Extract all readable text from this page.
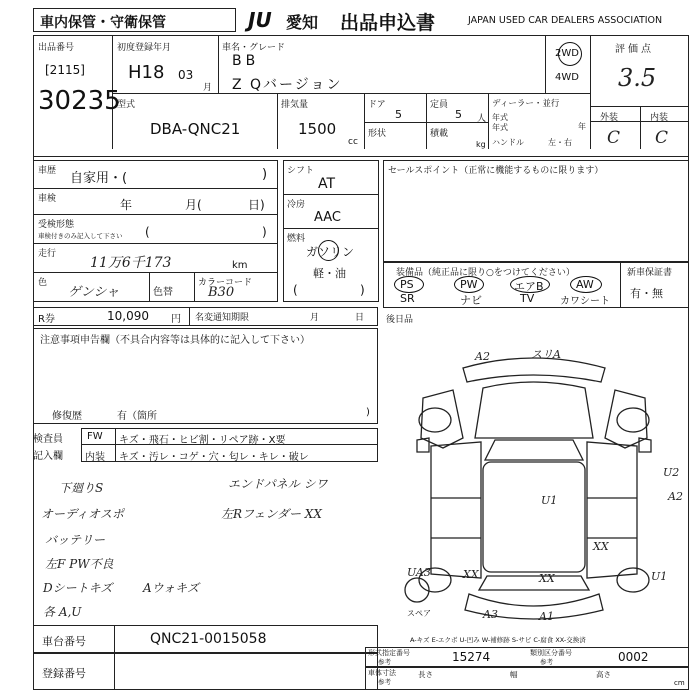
車内保管・守衛保管	JU 愛知 出品申込書	JAPAN USED CAR DEALERS ASSOCIATION
出品番号
[2115]
30235
初度登録年月
H18 03
月
車名・グレード
BB
Z Qバージョン
2WD
4WD
評価点
3.5
型式
DBA-QNC21
排気量
1500
cc
ドア
5
定員
5 人
形状	積載
kg
ディーラー・並行
年式
年式	年
ハンドル	左・右
外装	内装
C C
車歴 自家用・(	)
車検	年	月(	日)
受検形態
車検付きのみ記入して下さい (	)
走行
11万6千173	km
色
ゲンシャ	色替
カラーコード
B30
シフト
AT
冷房
AAC
燃料
ガソリン
軽・油
(	)
セールスポイント（正常に機能するものに限ります）
装備品（純正品に限り○をつけてください）
PS	PW	エアB	AW
SR	ナビ	TV	カワシート
新車保証書
有・無
R券	10,090 円 名変通知期限	月	日 後日品
注意事項申告欄（不具合内容等は具体的に記入して下さい）
修復歴	有（箇所	)
検査員
記入欄
FW キズ・飛石・ヒビ割・リペア跡・X要
内装 キズ・汚レ・コゲ・穴・匂レ・キレ・破レ
下廻りS	エンドパネル シワ
オーディオスポ	左Rフェンダー XX
バッテリー
左F PW不良
Dシートキズ	Aウォキズ
各 A,U
A2	スリA
U1
U2
A2
XX	XX
UA3
A3	A1
U1
XX
スペア
A-キズ E-エクボ U-凹み W-補修跡 S-サビ C-腐食 XX-交換済
車台番号	QNC21-0015058
登録番号
形式指定番号
参考	15274	類別区分番号
参考	0002
車体寸法
参考
長さ	幅	高さ
cm
